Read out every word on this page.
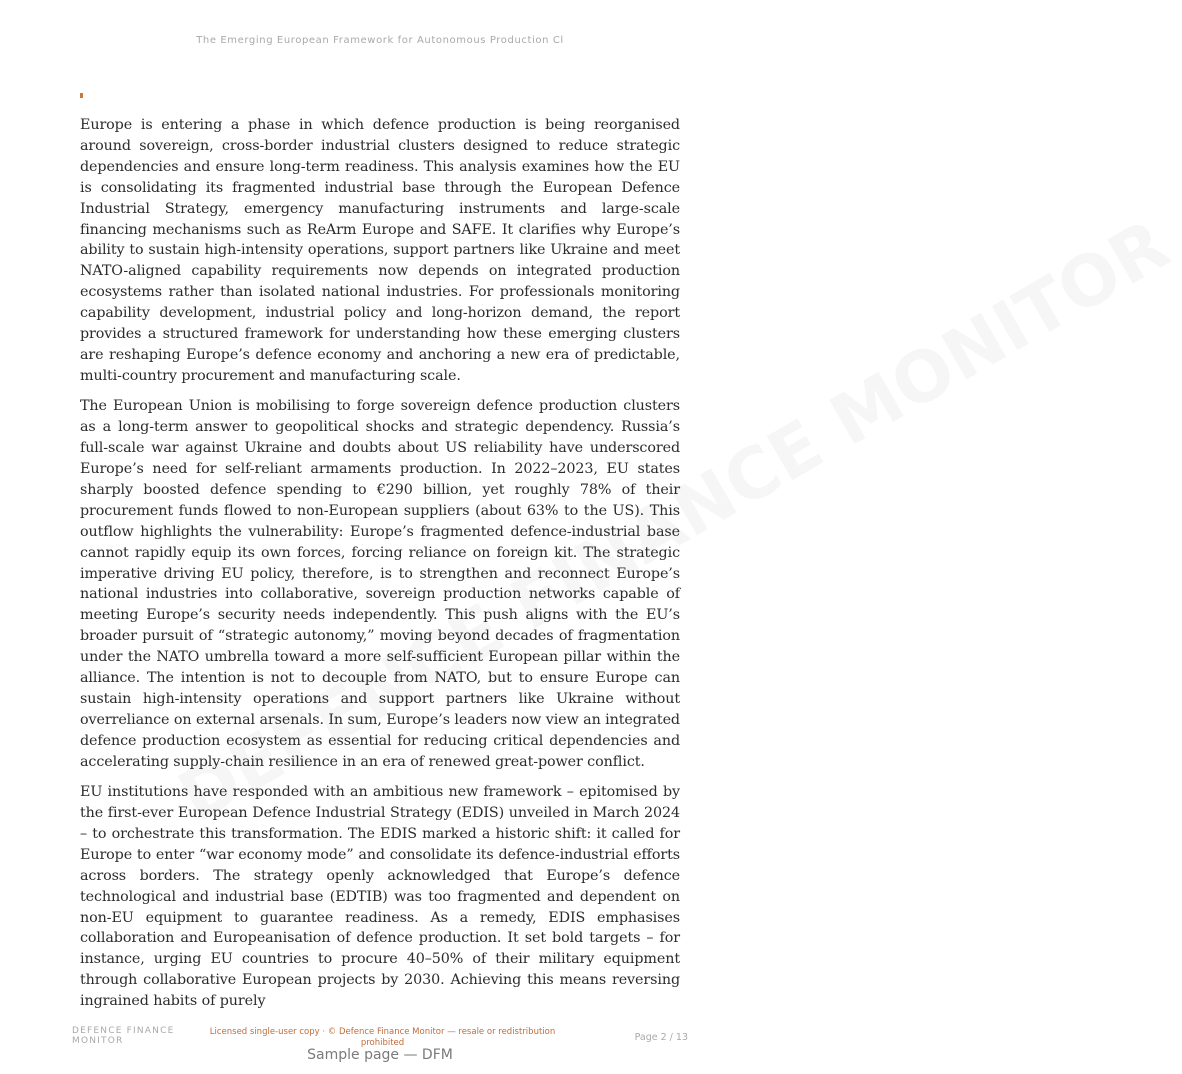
The Emerging European Framework for Autonomous Production Cl

Europe is entering a phase in which defence production is being reorganised around sovereign, cross-border industrial clusters designed to reduce strategic dependencies and ensure long-term readiness. This analysis examines how the EU is consolidating its fragmented industrial base through the European Defence Industrial Strategy, emergency manufacturing instruments and large-scale financing mechanisms such as ReArm Europe and SAFE. It clarifies why Europe’s ability to sustain high-intensity operations, support partners like Ukraine and meet NATO-aligned capability requirements now depends on integrated production ecosystems rather than isolated national industries. For professionals monitoring capability development, industrial policy and long-horizon demand, the report provides a structured framework for understanding how these emerging clusters are reshaping Europe’s defence economy and anchoring a new era of predictable, multi-country procurement and manufacturing scale.

The European Union is mobilising to forge sovereign defence production clusters as a long-term answer to geopolitical shocks and strategic dependency. Russia’s full-scale war against Ukraine and doubts about US reliability have underscored Europe’s need for self-reliant armaments production. In 2022–2023, EU states sharply boosted defence spending to €290 billion, yet roughly 78% of their procurement funds flowed to non-European suppliers (about 63% to the US). This outflow highlights the vulnerability: Europe’s fragmented defence-industrial base cannot rapidly equip its own forces, forcing reliance on foreign kit. The strategic imperative driving EU policy, therefore, is to strengthen and reconnect Europe’s national industries into collaborative, sovereign production networks capable of meeting Europe’s security needs independently. This push aligns with the EU’s broader pursuit of “strategic autonomy,” moving beyond decades of fragmentation under the NATO umbrella toward a more self-sufficient European pillar within the alliance. The intention is not to decouple from NATO, but to ensure Europe can sustain high-intensity operations and support partners like Ukraine without overreliance on external arsenals. In sum, Europe’s leaders now view an integrated defence production ecosystem as essential for reducing critical dependencies and accelerating supply-chain resilience in an era of renewed great-power conflict.

EU institutions have responded with an ambitious new framework – epitomised by the first-ever European Defence Industrial Strategy (EDIS) unveiled in March 2024 – to orchestrate this transformation. The EDIS marked a historic shift: it called for Europe to enter “war economy mode” and consolidate its defence-industrial efforts across borders. The strategy openly acknowledged that Europe’s defence technological and industrial base (EDTIB) was too fragmented and dependent on non-EU equipment to guarantee readiness. As a remedy, EDIS emphasises collaboration and Europeanisation of defence production. It set bold targets – for instance, urging EU countries to procure 40–50% of their military equipment through collaborative European projects by 2030. Achieving this means reversing ingrained habits of purely

DEFENCE FINANCE
MONITOR
Licensed single-user copy · © Defence Finance Monitor — resale or redistribution prohibited	Page 2 / 13
Sample page — DFM
